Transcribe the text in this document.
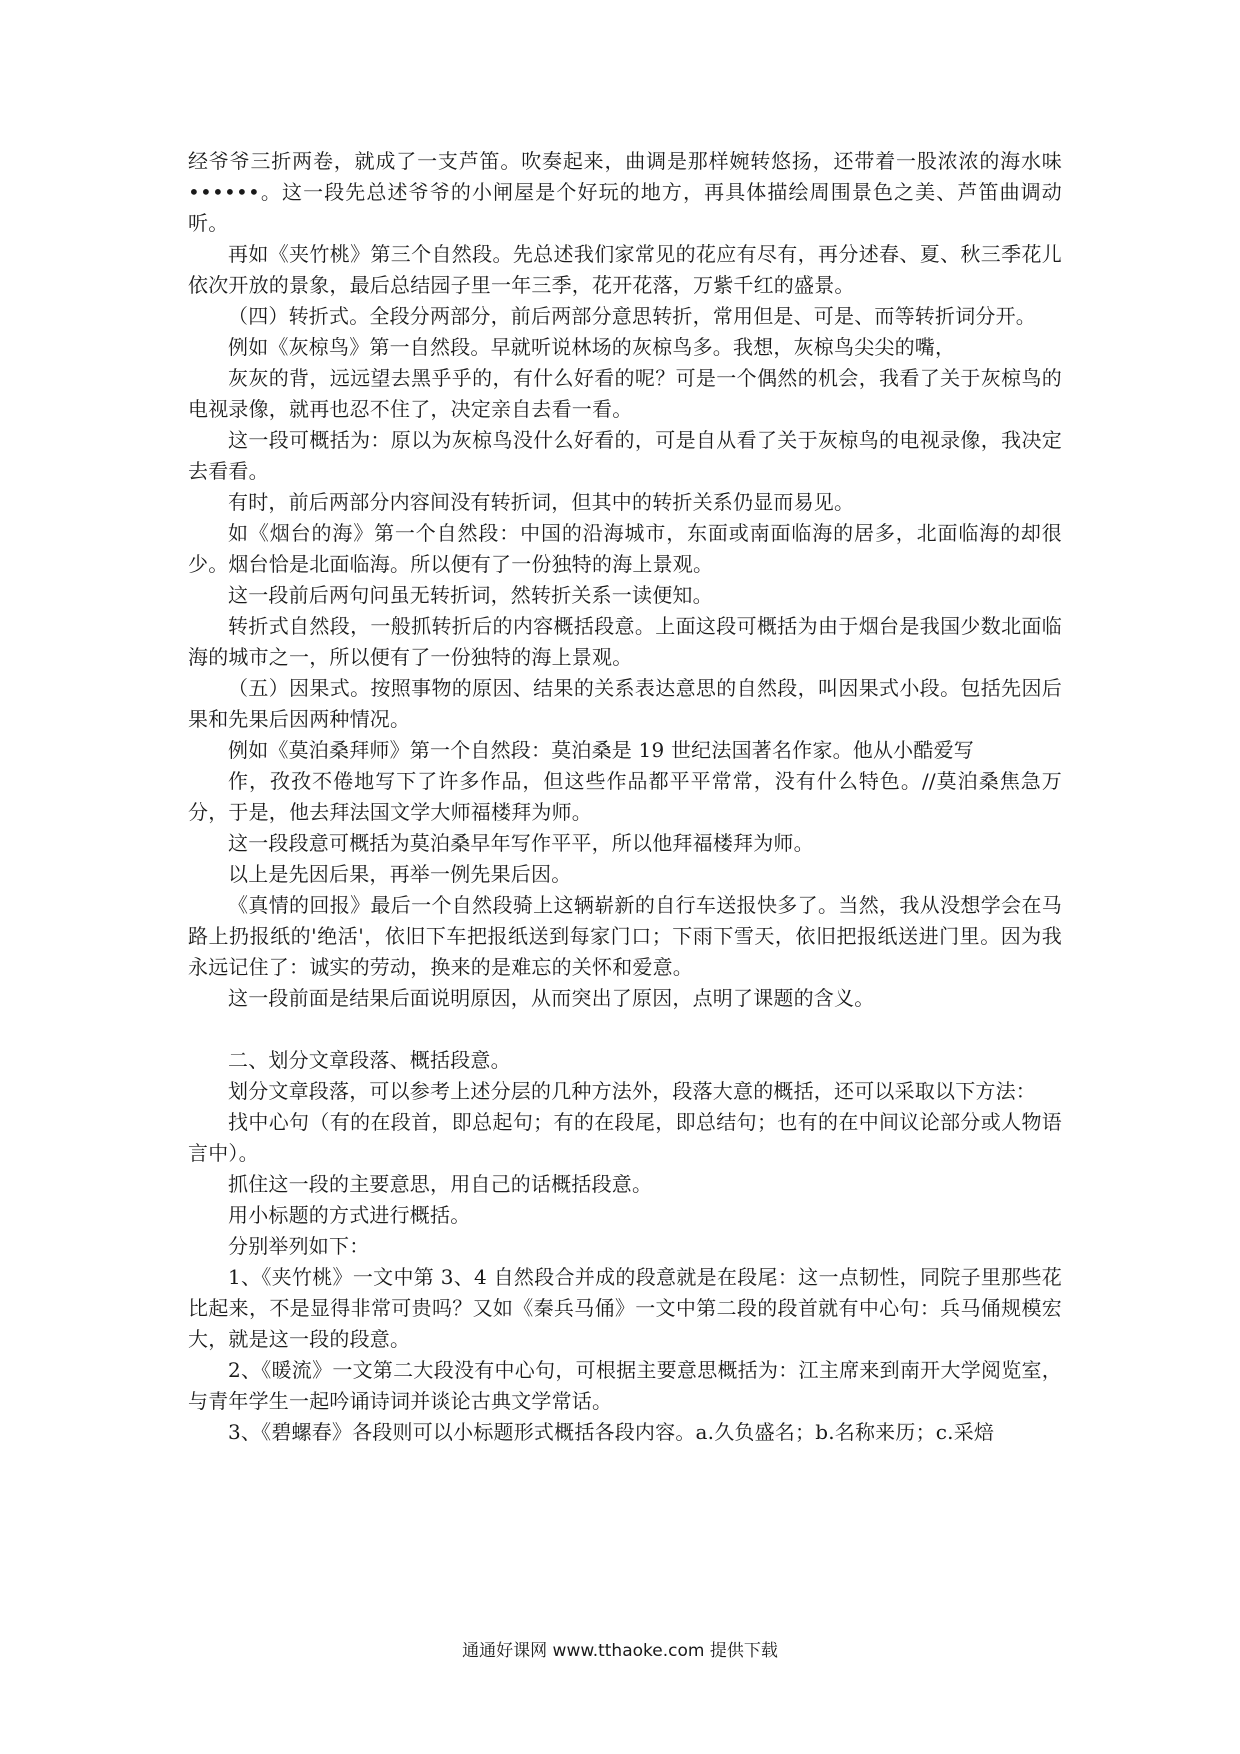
经爷爷三折两卷，就成了一支芦笛。吹奏起来，曲调是那样婉转悠扬，还带着一股浓浓的海水味 ••••••。这一段先总述爷爷的小闸屋是个好玩的地方，再具体描绘周围景色之美、芦笛曲调动听。

再如《夹竹桃》第三个自然段。先总述我们家常见的花应有尽有，再分述春、夏、秋三季花儿依次开放的景象，最后总结园子里一年三季，花开花落，万紫千红的盛景。

（四）转折式。全段分两部分，前后两部分意思转折，常用但是、可是、而等转折词分开。

例如《灰椋鸟》第一自然段。早就听说林场的灰椋鸟多。我想，灰椋鸟尖尖的嘴，

灰灰的背，远远望去黑乎乎的，有什么好看的呢？可是一个偶然的机会，我看了关于灰椋鸟的电视录像，就再也忍不住了，决定亲自去看一看。

这一段可概括为：原以为灰椋鸟没什么好看的，可是自从看了关于灰椋鸟的电视录像，我决定去看看。

有时，前后两部分内容间没有转折词，但其中的转折关系仍显而易见。

如《烟台的海》第一个自然段：中国的沿海城市，东面或南面临海的居多，北面临海的却很少。烟台恰是北面临海。所以便有了一份独特的海上景观。

这一段前后两句问虽无转折词，然转折关系一读便知。

转折式自然段，一般抓转折后的内容概括段意。上面这段可概括为由于烟台是我国少数北面临海的城市之一，所以便有了一份独特的海上景观。

（五）因果式。按照事物的原因、结果的关系表达意思的自然段，叫因果式小段。包括先因后果和先果后因两种情况。

例如《莫泊桑拜师》第一个自然段：莫泊桑是 19 世纪法国著名作家。他从小酷爱写

作，孜孜不倦地写下了许多作品，但这些作品都平平常常，没有什么特色。//莫泊桑焦急万分，于是，他去拜法国文学大师福楼拜为师。

这一段段意可概括为莫泊桑早年写作平平，所以他拜福楼拜为师。

以上是先因后果，再举一例先果后因。

《真情的回报》最后一个自然段骑上这辆崭新的自行车送报快多了。当然，我从没想学会在马路上扔报纸的'绝活'，依旧下车把报纸送到每家门口；下雨下雪天，依旧把报纸送进门里。因为我永远记住了：诚实的劳动，换来的是难忘的关怀和爱意。

这一段前面是结果后面说明原因，从而突出了原因，点明了课题的含义。

二、划分文章段落、概括段意。

划分文章段落，可以参考上述分层的几种方法外，段落大意的概括，还可以采取以下方法：

找中心句（有的在段首，即总起句；有的在段尾，即总结句；也有的在中间议论部分或人物语言中）。

抓住这一段的主要意思，用自己的话概括段意。

用小标题的方式进行概括。

分别举列如下：

1、《夹竹桃》一文中第 3、4 自然段合并成的段意就是在段尾：这一点韧性，同院子里那些花比起来，不是显得非常可贵吗？又如《秦兵马俑》一文中第二段的段首就有中心句：兵马俑规模宏大，就是这一段的段意。

2、《暖流》一文第二大段没有中心句，可根据主要意思概括为：江主席来到南开大学阅览室，与青年学生一起吟诵诗词并谈论古典文学常话。

3、《碧螺春》各段则可以小标题形式概括各段内容。a.久负盛名；b.名称来历；c.采焙

通通好课网 www.tthaoke.com 提供下载
